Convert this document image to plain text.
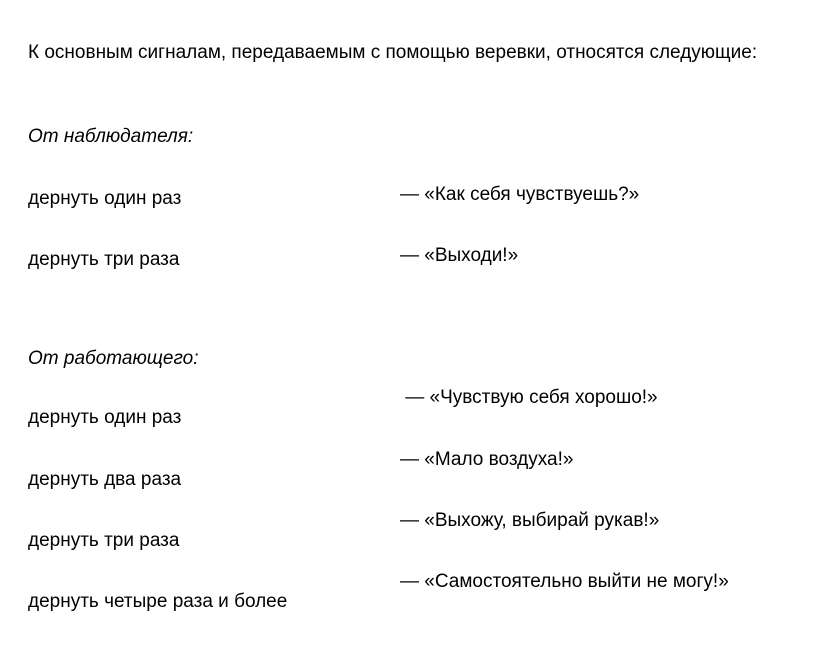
К основным сигналам, передаваемым с помощью веревки, относятся следующие:
От наблюдателя:
дернуть один раз	— «Как себя чувствуешь?»
дернуть три раза	— «Выходи!»
От работающего:
— «Чувствую себя хорошо!»
дернуть один раз
— «Мало воздуха!»
дернуть два раза
— «Выхожу, выбирай рукав!»
дернуть три раза
— «Самостоятельно выйти не могу!»
дернуть четыре раза и более
